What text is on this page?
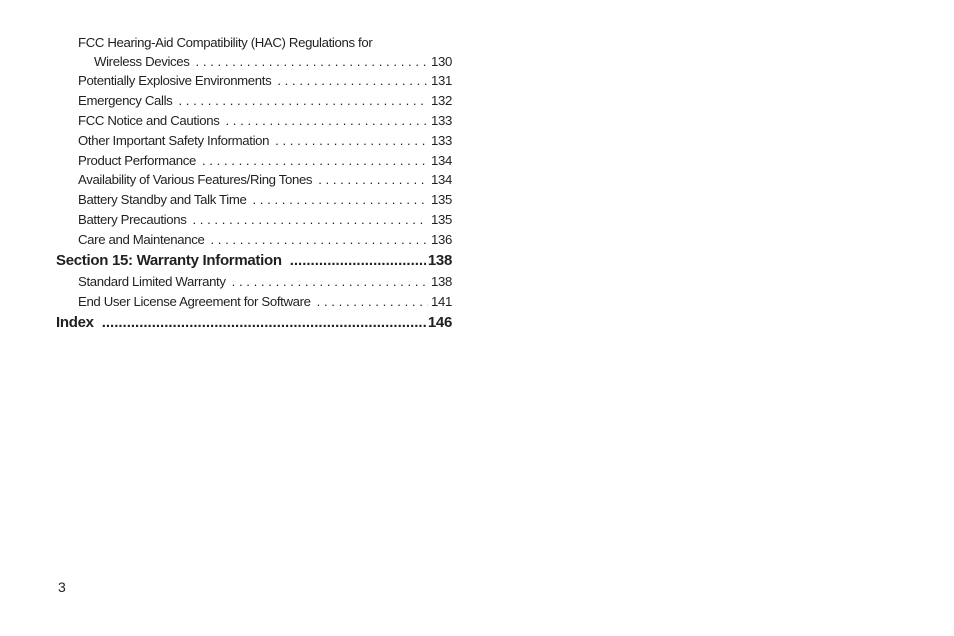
FCC Hearing-Aid Compatibility (HAC) Regulations for
Wireless Devices . . .	130
Potentially Explosive Environments . . .	131
Emergency Calls . . .	132
FCC Notice and Cautions . . .	133
Other Important Safety Information . . .	133
Product Performance . . .	134
Availability of Various Features/Ring Tones . . .	134
Battery Standby and Talk Time . . .	135
Battery Precautions . . .	135
Care and Maintenance . . .	136
Section 15: Warranty Information .....	138
Standard Limited Warranty . . .	138
End User License Agreement for Software . . .	141
Index .....	146
3
